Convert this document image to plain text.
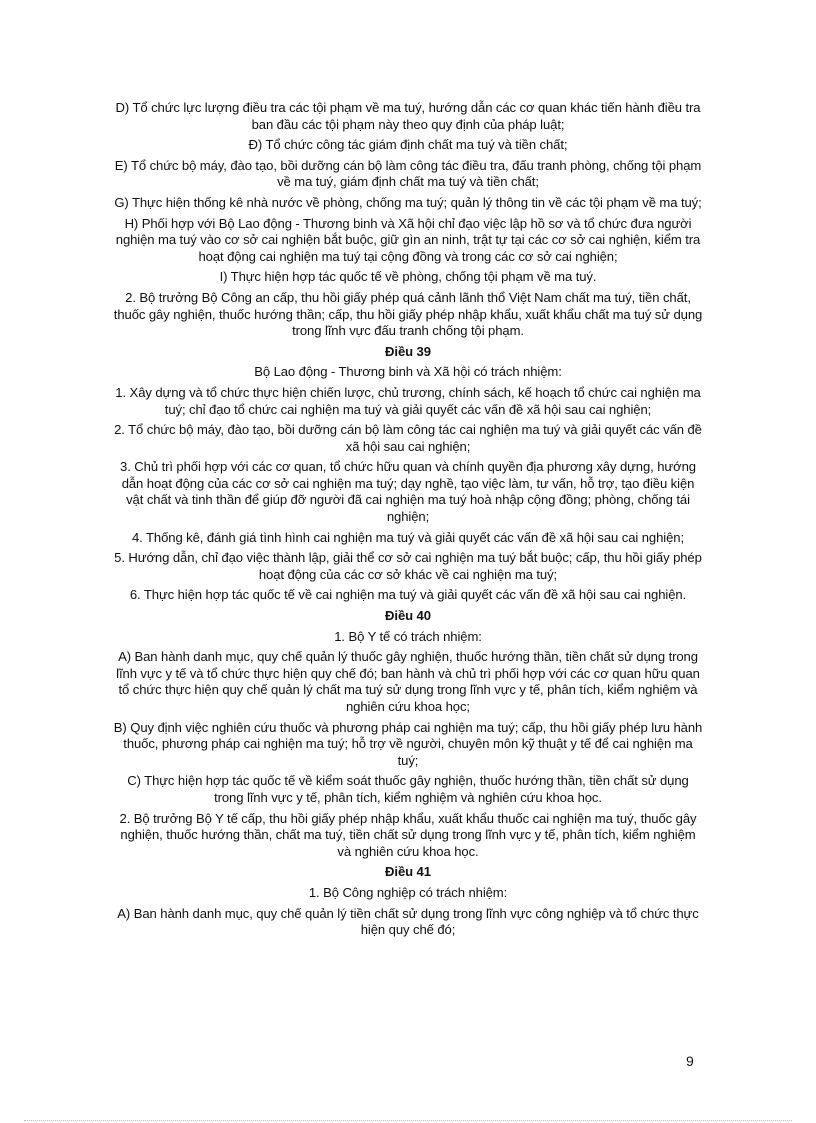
D) Tổ chức lực lượng điều tra các tội phạm về ma tuý, hướng dẫn các cơ quan khác tiến hành điều tra ban đầu các tội phạm này theo quy định của pháp luật;

Đ) Tổ chức công tác giám định chất ma tuý và tiền chất;

E) Tổ chức bộ máy, đào tạo, bồi dưỡng cán bộ làm công tác điều tra, đấu tranh phòng, chống tội phạm về ma tuý, giám định chất ma tuý và tiền chất;

G) Thực hiện thống kê nhà nước về phòng, chống ma tuý; quản lý thông tin về các tội phạm về ma tuý;

H) Phối hợp với Bộ Lao động - Thương binh và Xã hội chỉ đạo việc lập hồ sơ và tổ chức đưa người nghiện ma tuý vào cơ sở cai nghiện bắt buộc, giữ gìn an ninh, trật tự tại các cơ sở cai nghiện, kiểm tra hoạt động cai nghiện ma tuý tại cộng đồng và trong các cơ sở cai nghiện;

I) Thực hiện hợp tác quốc tế về phòng, chống tội phạm về ma tuý.

2. Bộ trưởng Bộ Công an cấp, thu hồi giấy phép quá cảnh lãnh thổ Việt Nam chất ma tuý, tiền chất, thuốc gây nghiện, thuốc hướng thần; cấp, thu hồi giấy phép nhập khẩu, xuất khẩu chất ma tuý sử dụng trong lĩnh vực đấu tranh chống tội phạm.

Điều 39

Bộ Lao động - Thương binh và Xã hội có trách nhiệm:

1. Xây dựng và tổ chức thực hiện chiến lược, chủ trương, chính sách, kế hoạch tổ chức cai nghiện ma tuý; chỉ đạo tổ chức cai nghiện ma tuý và giải quyết các vấn đề xã hội sau cai nghiện;

2. Tổ chức bộ máy, đào tạo, bồi dưỡng cán bộ làm công tác cai nghiện ma tuý và giải quyết các vấn đề xã hội sau cai nghiện;

3. Chủ trì phối hợp với các cơ quan, tổ chức hữu quan và chính quyền địa phương xây dựng, hướng dẫn hoạt động của các cơ sở cai nghiện ma tuý; dạy nghề, tạo việc làm, tư vấn, hỗ trợ, tạo điều kiện vật chất và tinh thần để giúp đỡ người đã cai nghiện ma tuý hoà nhập cộng đồng; phòng, chống tái nghiện;

4. Thống kê, đánh giá tình hình cai nghiện ma tuý và giải quyết các vấn đề xã hội sau cai nghiện;

5. Hướng dẫn, chỉ đạo việc thành lập, giải thể cơ sở cai nghiện ma tuý bắt buộc; cấp, thu hồi giấy phép hoạt động của các cơ sở khác về cai nghiện ma tuý;

6. Thực hiện hợp tác quốc tế về cai nghiện ma tuý và giải quyết các vấn đề xã hội sau cai nghiện.

Điều 40

1. Bộ Y tế có trách nhiệm:

A) Ban hành danh mục, quy chế quản lý thuốc gây nghiện, thuốc hướng thần, tiền chất sử dụng trong lĩnh vực y tế và tổ chức thực hiện quy chế đó; ban hành và chủ trì phối hợp với các cơ quan hữu quan tổ chức thực hiện quy chế quản lý chất ma tuý sử dụng trong lĩnh vực y tế, phân tích, kiểm nghiệm và nghiên cứu khoa học;

B) Quy định việc nghiên cứu thuốc và phương pháp cai nghiện ma tuý; cấp, thu hồi giấy phép lưu hành thuốc, phương pháp cai nghiện ma tuý; hỗ trợ về người, chuyên môn kỹ thuật y tế để cai nghiện ma tuý;

C) Thực hiện hợp tác quốc tế về kiểm soát thuốc gây nghiện, thuốc hướng thần, tiền chất sử dụng trong lĩnh vực y tế, phân tích, kiểm nghiệm và nghiên cứu khoa học.

2. Bộ trưởng Bộ Y tế cấp, thu hồi giấy phép nhập khẩu, xuất khẩu thuốc cai nghiện ma tuý, thuốc gây nghiện, thuốc hướng thần, chất ma tuý, tiền chất sử dụng trong lĩnh vực y tế, phân tích, kiểm nghiệm và nghiên cứu khoa học.

Điều 41

1. Bộ Công nghiệp có trách nhiệm:

A) Ban hành danh mục, quy chế quản lý tiền chất sử dụng trong lĩnh vực công nghiệp và tổ chức thực hiện quy chế đó;

9
